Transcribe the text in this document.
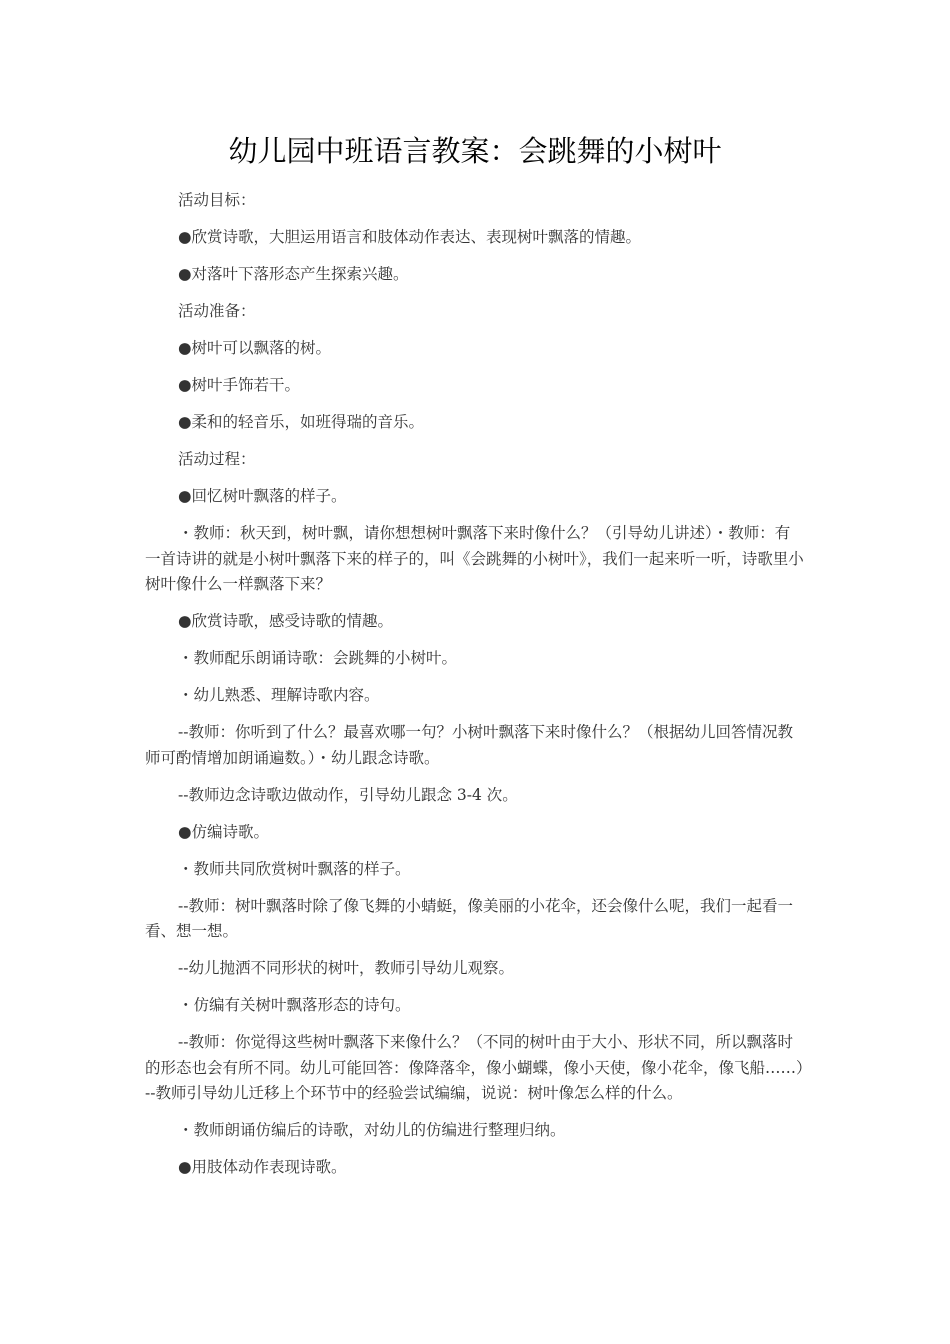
幼儿园中班语言教案：会跳舞的小树叶

活动目标：

●欣赏诗歌，大胆运用语言和肢体动作表达、表现树叶飘落的情趣。

●对落叶下落形态产生探索兴趣。

活动准备：

●树叶可以飘落的树。

●树叶手饰若干。

●柔和的轻音乐，如班得瑞的音乐。

活动过程：

●回忆树叶飘落的样子。

・教师：秋天到，树叶飘，请你想想树叶飘落下来时像什么？（引导幼儿讲述）・教师：有一首诗讲的就是小树叶飘落下来的样子的，叫《会跳舞的小树叶》，我们一起来听一听，诗歌里小树叶像什么一样飘落下来？

●欣赏诗歌，感受诗歌的情趣。

・教师配乐朗诵诗歌：会跳舞的小树叶。

・幼儿熟悉、理解诗歌内容。

--教师：你听到了什么？最喜欢哪一句？小树叶飘落下来时像什么？（根据幼儿回答情况教师可酌情增加朗诵遍数。）・幼儿跟念诗歌。

--教师边念诗歌边做动作，引导幼儿跟念 3-4 次。

●仿编诗歌。

・教师共同欣赏树叶飘落的样子。

--教师：树叶飘落时除了像飞舞的小蜻蜓，像美丽的小花伞，还会像什么呢，我们一起看一看、想一想。

--幼儿抛洒不同形状的树叶，教师引导幼儿观察。

・仿编有关树叶飘落形态的诗句。

--教师：你觉得这些树叶飘落下来像什么？（不同的树叶由于大小、形状不同，所以飘落时的形态也会有所不同。幼儿可能回答：像降落伞，像小蝴蝶，像小天使，像小花伞，像飞船……）--教师引导幼儿迁移上个环节中的经验尝试编编，说说：树叶像怎么样的什么。

・教师朗诵仿编后的诗歌，对幼儿的仿编进行整理归纳。

●用肢体动作表现诗歌。
